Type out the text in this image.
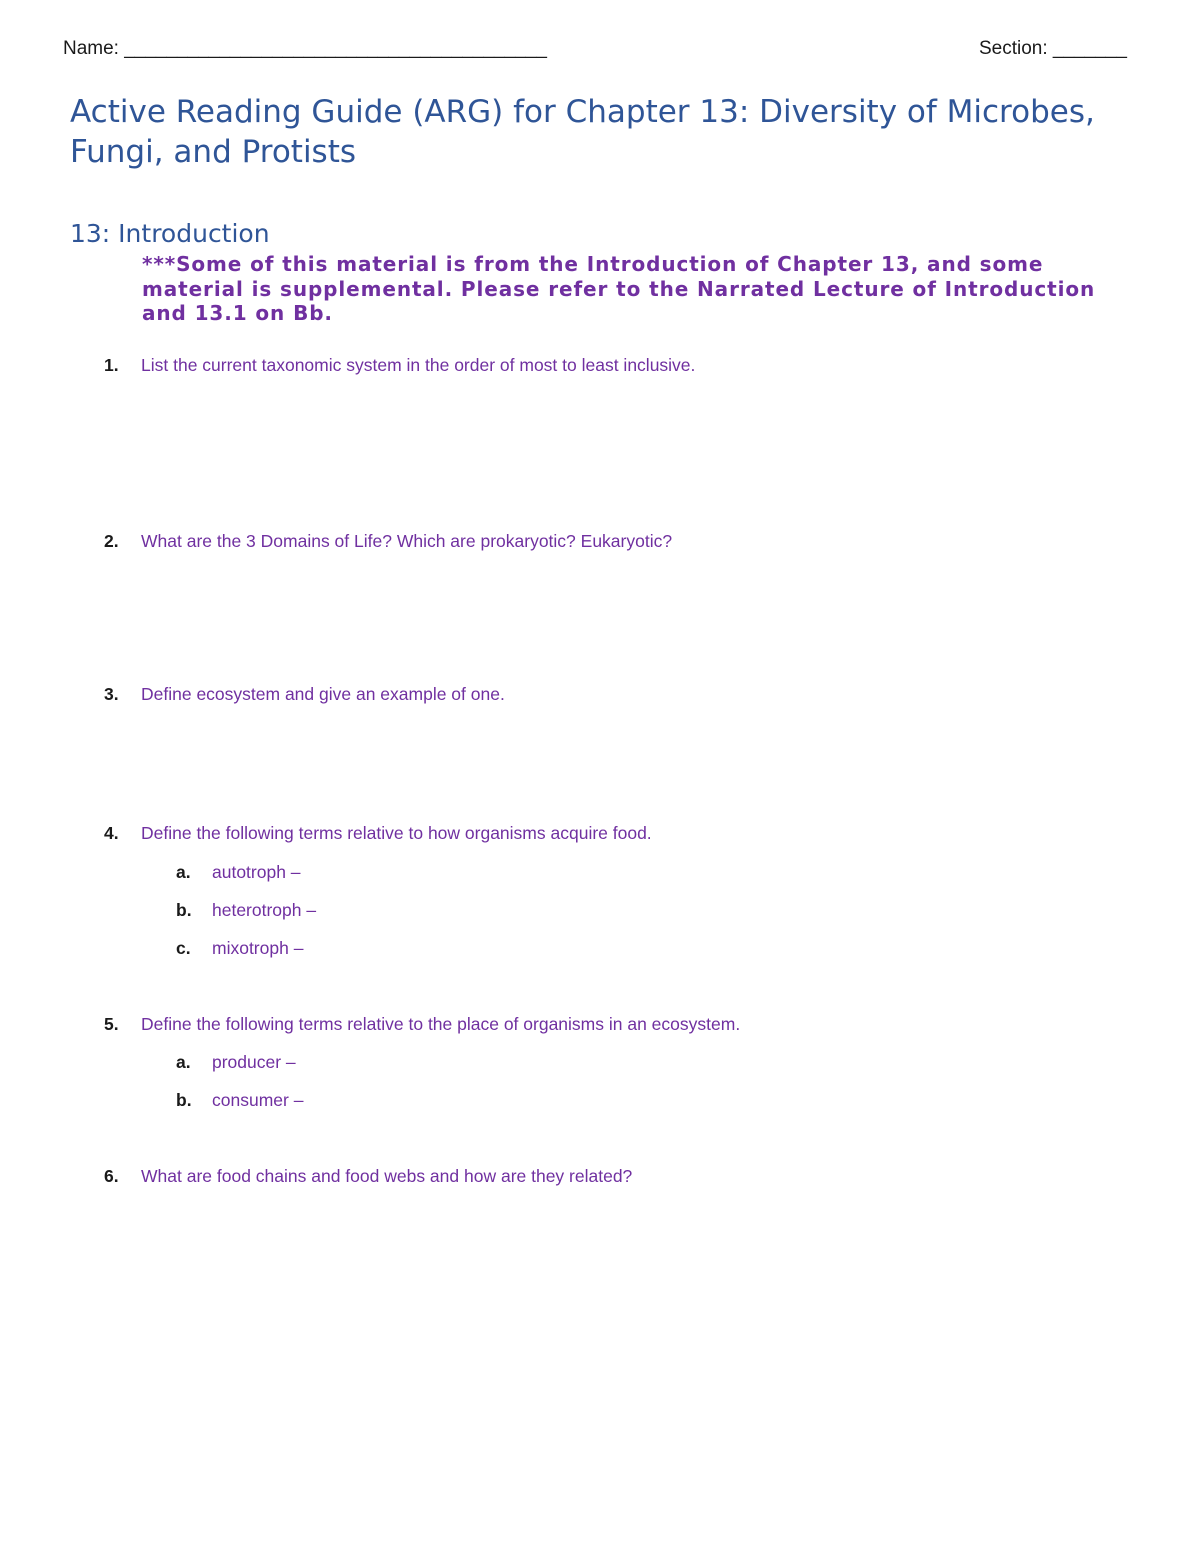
Name: ________________________________________	Section: _______
Active Reading Guide (ARG) for Chapter 13: Diversity of Microbes, Fungi, and Protists
13: Introduction

***Some of this material is from the Introduction of Chapter 13, and some material is supplemental. Please refer to the Narrated Lecture of Introduction and 13.1 on Bb.

1. List the current taxonomic system in the order of most to least inclusive.
2. What are the 3 Domains of Life? Which are prokaryotic? Eukaryotic?
3. Define ecosystem and give an example of one.
4. Define the following terms relative to how organisms acquire food.
a. autotroph –
b. heterotroph –
c. mixotroph –
5. Define the following terms relative to the place of organisms in an ecosystem.
a. producer –
b. consumer –
6. What are food chains and food webs and how are they related?
